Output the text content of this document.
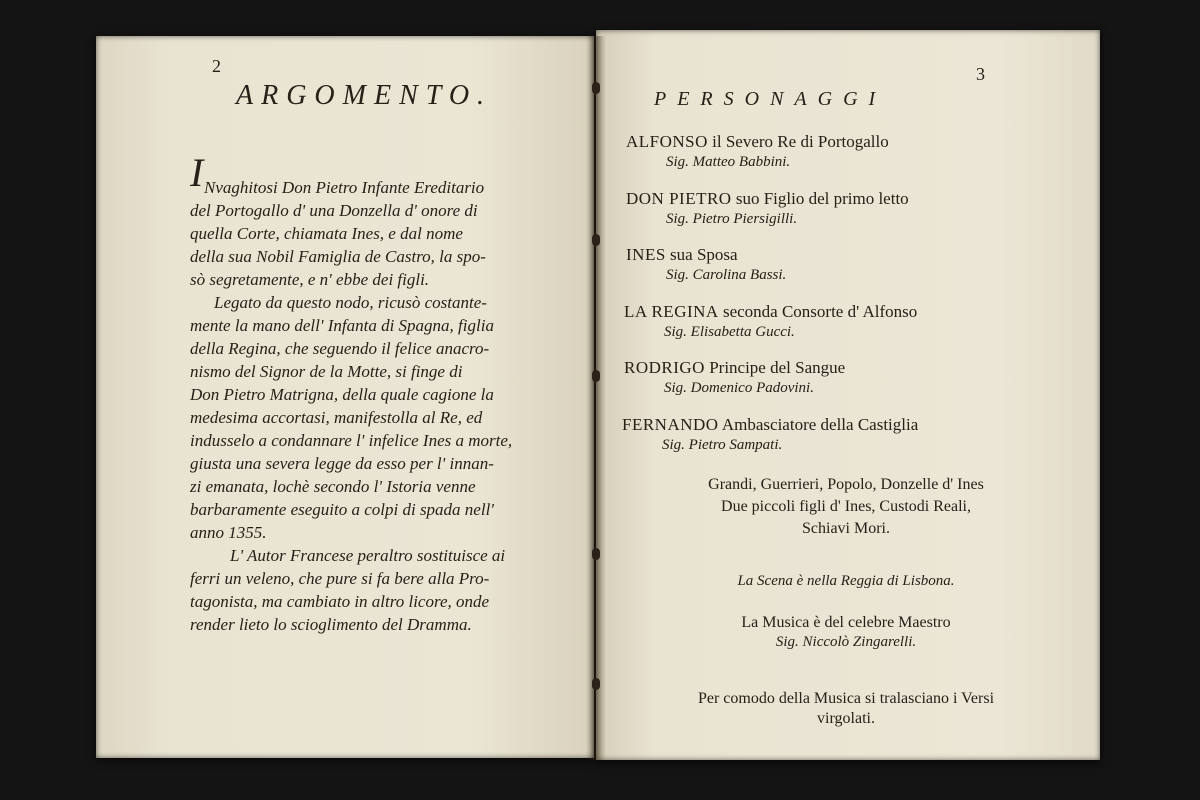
2
ARGOMENTO.
I Nvaghitosi Don Pietro Infante Ereditario
del Portogallo d' una Donzella d' onore di
quella Corte, chiamata Ines, e dal nome
della sua Nobil Famiglia de Castro, la spo-
sò segretamente, e n' ebbe dei figli.
Legato da questo nodo, ricusò costante-
mente la mano dell' Infanta di Spagna, figlia
della Regina, che seguendo il felice anacro-
nismo del Signor de la Motte, si finge di
Don Pietro Matrigna, della quale cagione la
medesima accortasi, manifestolla al Re, ed
indusselo a condannare l' infelice Ines a morte,
giusta una severa legge da esso per l' innan-
zi emanata, lochè secondo l' Istoria venne
barbaramente eseguito a colpi di spada nell'
anno 1355.
L' Autor Francese peraltro sostituisce ai
ferri un veleno, che pure si fa bere alla Pro-
tagonista, ma cambiato in altro licore, onde
render lieto lo scioglimento del Dramma.
3
PERSONAGGI
ALFONSO il Severo Re di Portogallo
Sig. Matteo Babbini.
DON PIETRO suo Figlio del primo letto
Sig. Pietro Piersigilli.
INES sua Sposa
Sig. Carolina Bassi.
LA REGINA seconda Consorte d' Alfonso
Sig. Elisabetta Gucci.
RODRIGO Principe del Sangue
Sig. Domenico Padovini.
FERNANDO Ambasciatore della Castiglia
Sig. Pietro Sampati.
Grandi, Guerrieri, Popolo, Donzelle d' Ines
Due piccoli figli d' Ines, Custodi Reali,
Schiavi Mori.
La Scena è nella Reggia di Lisbona.
La Musica è del celebre Maestro
Sig. Niccolò Zingarelli.
Per comodo della Musica si tralasciano i Versi
virgolati.
